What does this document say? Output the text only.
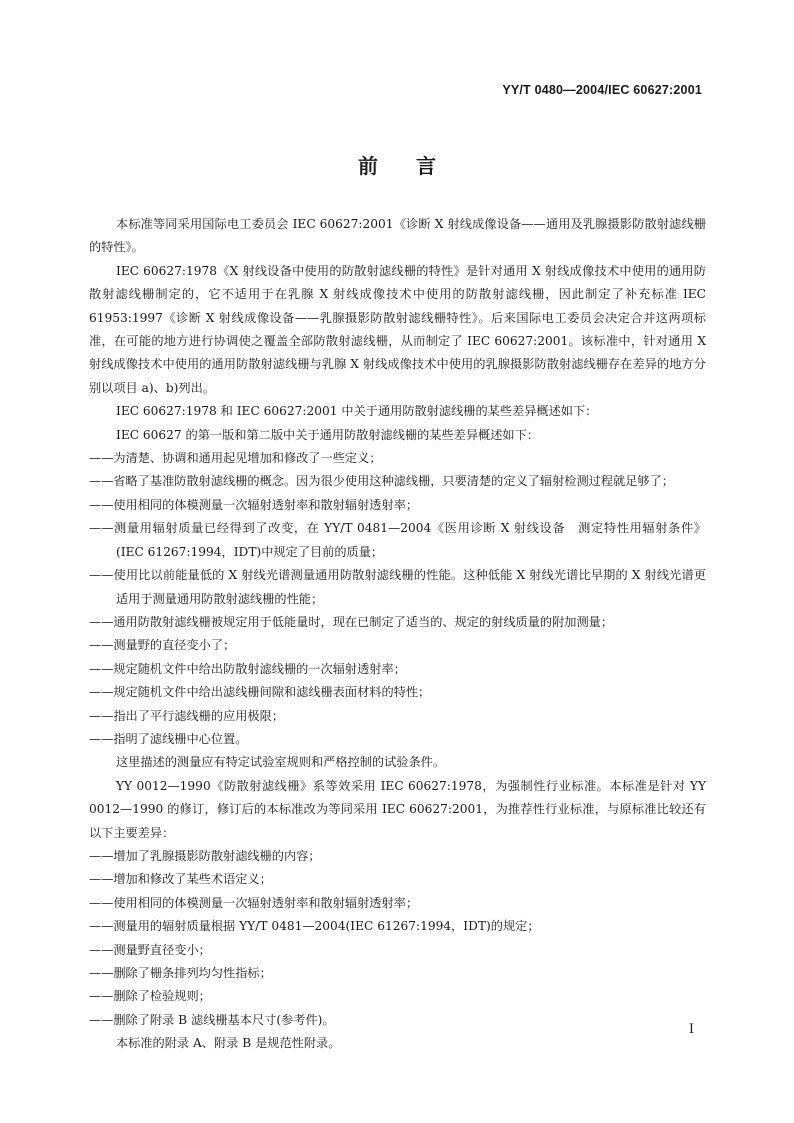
YY/T 0480—2004/IEC 60627:2001
前言

本标准等同采用国际电工委员会 IEC 60627:2001《诊断 X 射线成像设备——通用及乳腺摄影防散射滤线栅的特性》。

IEC 60627:1978《X 射线设备中使用的防散射滤线栅的特性》是针对通用 X 射线成像技术中使用的通用防散射滤线栅制定的，它不适用于在乳腺 X 射线成像技术中使用的防散射滤线栅，因此制定了补充标准 IEC 61953:1997《诊断 X 射线成像设备——乳腺摄影防散射滤线栅特性》。后来国际电工委员会决定合并这两项标准，在可能的地方进行协调使之覆盖全部防散射滤线栅，从而制定了 IEC 60627:2001。该标准中，针对通用 X 射线成像技术中使用的通用防散射滤线栅与乳腺 X 射线成像技术中使用的乳腺摄影防散射滤线栅存在差异的地方分别以项目 a)、b)列出。

IEC 60627:1978 和 IEC 60627:2001 中关于通用防散射滤线栅的某些差异概述如下：

IEC 60627 的第一版和第二版中关于通用防散射滤线栅的某些差异概述如下：

——为清楚、协调和通用起见增加和修改了一些定义；

——省略了基准防散射滤线栅的概念。因为很少使用这种滤线栅，只要清楚的定义了辐射检测过程就足够了；

——使用相同的体模测量一次辐射透射率和散射辐射透射率；

——测量用辐射质量已经得到了改变，在 YY/T 0481—2004《医用诊断 X 射线设备　测定特性用辐射条件》(IEC 61267:1994，IDT)中规定了目前的质量；

——使用比以前能量低的 X 射线光谱测量通用防散射滤线栅的性能。这种低能 X 射线光谱比早期的 X 射线光谱更适用于测量通用防散射滤线栅的性能；

——通用防散射滤线栅被规定用于低能量时，现在已制定了适当的、规定的射线质量的附加测量；

——测量野的直径变小了；

——规定随机文件中给出防散射滤线栅的一次辐射透射率；

——规定随机文件中给出滤线栅间隙和滤线栅表面材料的特性；

——指出了平行滤线栅的应用极限；

——指明了滤线栅中心位置。

这里描述的测量应有特定试验室规则和严格控制的试验条件。

YY 0012—1990《防散射滤线栅》系等效采用 IEC 60627:1978，为强制性行业标准。本标准是针对 YY 0012—1990 的修订，修订后的本标准改为等同采用 IEC 60627:2001，为推荐性行业标准，与原标准比较还有以下主要差异：

——增加了乳腺摄影防散射滤线栅的内容；

——增加和修改了某些术语定义；

——使用相同的体模测量一次辐射透射率和散射辐射透射率；

——测量用的辐射质量根据 YY/T 0481—2004(IEC 61267:1994，IDT)的规定；

——测量野直径变小；

——删除了栅条排列均匀性指标；

——删除了检验规则；

——删除了附录 B 滤线栅基本尺寸(参考件)。

本标准的附录 A、附录 B 是规范性附录。

I
